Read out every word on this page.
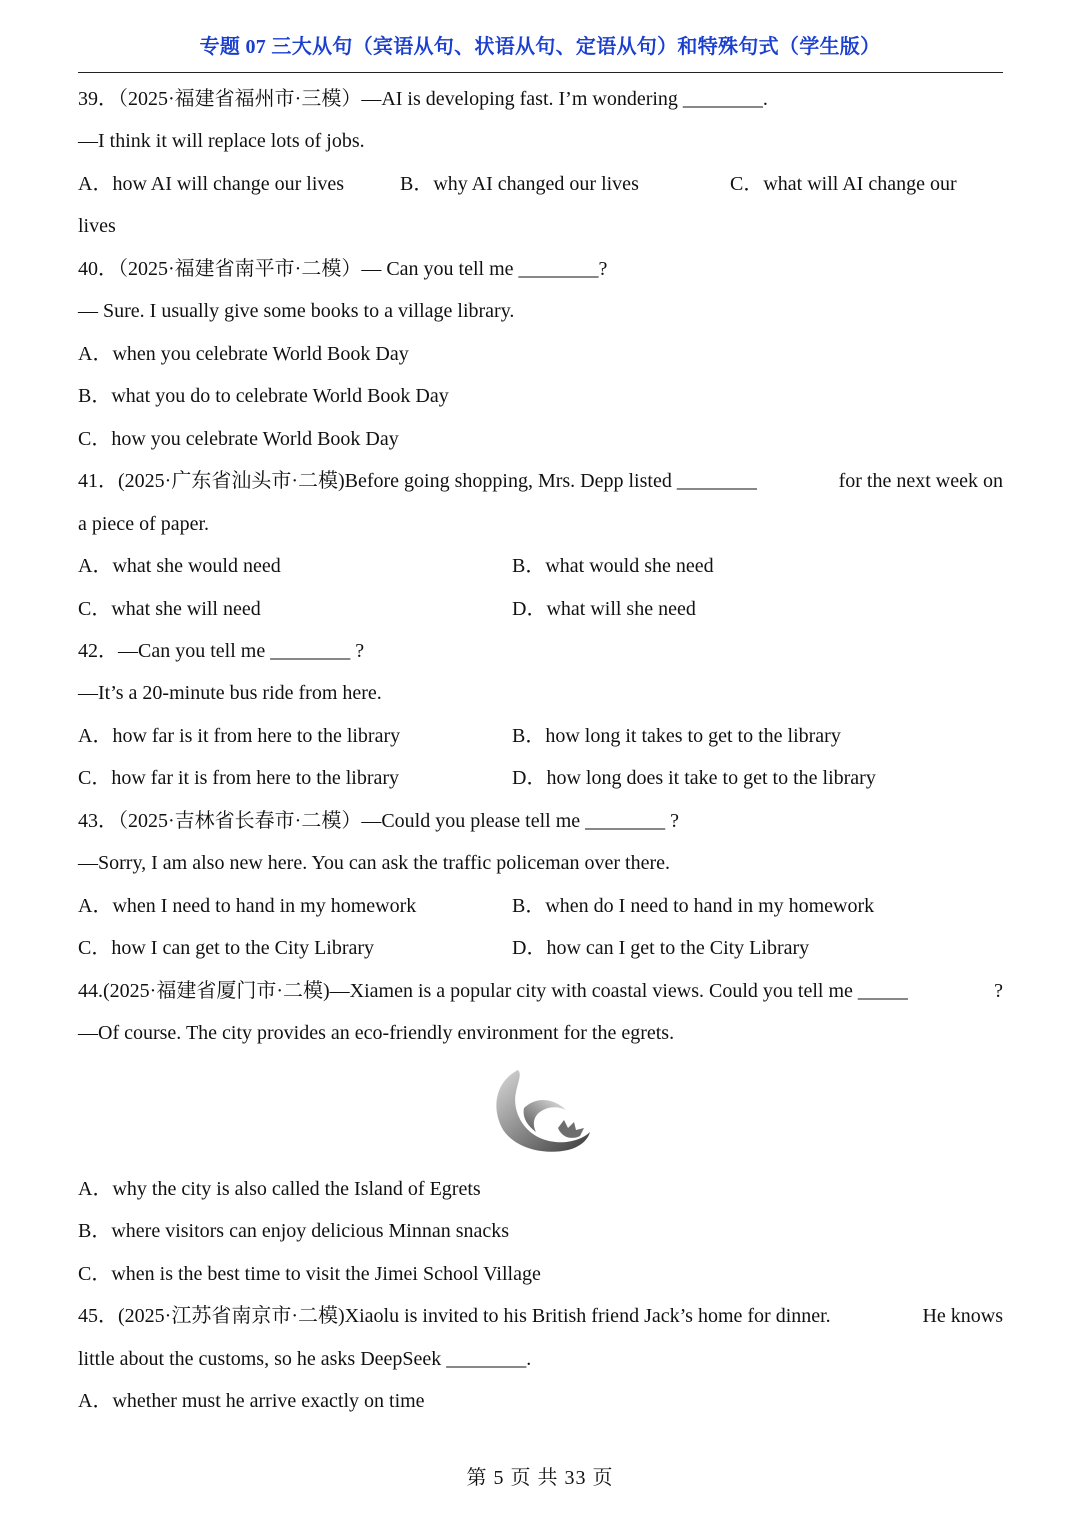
专题 07 三大从句（宾语从句、状语从句、定语从句）和特殊句式（学生版）
39．（2025·福建省福州市·三模）—AI is developing fast. I’m wondering ________.
—I think it will replace lots of jobs.
A．how AI will change our lives	B．why AI changed our lives	C．what will AI change our
lives
40．（2025·福建省南平市·二模）— Can you tell me ________?
— Sure. I usually give some books to a village library.
A．when you celebrate World Book Day
B．what you do to celebrate World Book Day
C．how you celebrate World Book Day
41．(2025·广东省汕头市·二模)Before going shopping, Mrs. Depp listed ________	for the next week on
a piece of paper.
A．what she would need	B．what would she need
C．what she will need	D．what will she need
42．—Can you tell me ________ ?
—It’s a 20-minute bus ride from here.
A．how far is it from here to the library	B．how long it takes to get to the library
C．how far it is from here to the library	D．how long does it take to get to the library
43．（2025·吉林省长春市·二模）—Could you please tell me ________ ?
—Sorry, I am also new here. You can ask the traffic policeman over there.
A．when I need to hand in my homework	B．when do I need to hand in my homework
C．how I can get to the City Library	D．how can I get to the City Library
44.(2025·福建省厦门市·二模)—Xiamen is a popular city with coastal views. Could you tell me _____	?
—Of course. The city provides an eco-friendly environment for the egrets.
A．why the city is also called the Island of Egrets
B．where visitors can enjoy delicious Minnan snacks
C．when is the best time to visit the Jimei School Village
45．(2025·江苏省南京市·二模)Xiaolu is invited to his British friend Jack’s home for dinner.	He knows
little about the customs, so he asks DeepSeek ________.
A．whether must he arrive exactly on time
第 5 页 共 33 页
